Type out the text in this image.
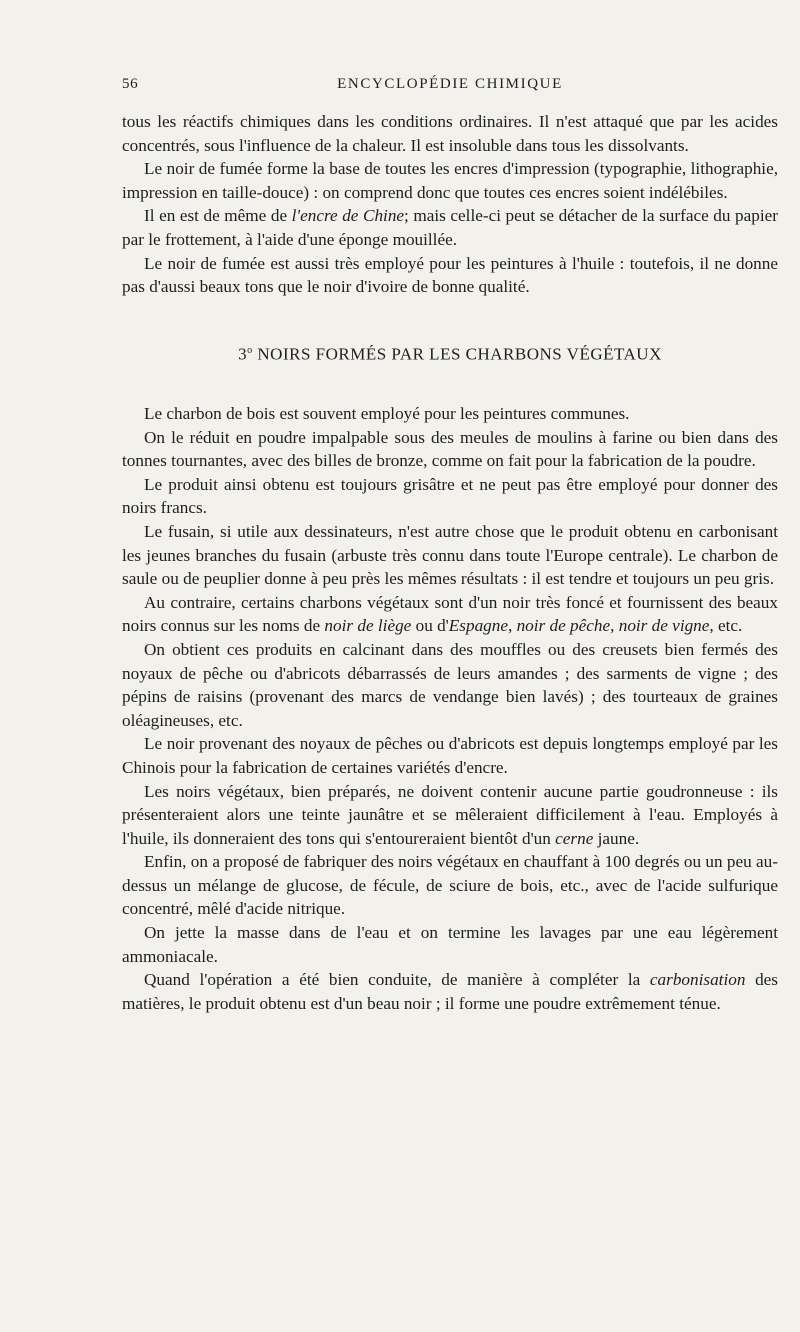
56	ENCYCLOPÉDIE CHIMIQUE

tous les réactifs chimiques dans les conditions ordinaires. Il n'est attaqué que par les acides concentrés, sous l'influence de la chaleur. Il est insoluble dans tous les dissolvants.

Le noir de fumée forme la base de toutes les encres d'impression (typographie, lithographie, impression en taille-douce) : on comprend donc que toutes ces encres soient indélébiles.

Il en est de même de l'encre de Chine; mais celle-ci peut se détacher de la surface du papier par le frottement, à l'aide d'une éponge mouillée.

Le noir de fumée est aussi très employé pour les peintures à l'huile : toutefois, il ne donne pas d'aussi beaux tons que le noir d'ivoire de bonne qualité.

3$^o$ NOIRS FORMÉS PAR LES CHARBONS VÉGÉTAUX

Le charbon de bois est souvent employé pour les peintures communes.

On le réduit en poudre impalpable sous des meules de moulins à farine ou bien dans des tonnes tournantes, avec des billes de bronze, comme on fait pour la fabrication de la poudre.

Le produit ainsi obtenu est toujours grisâtre et ne peut pas être employé pour donner des noirs francs.

Le fusain, si utile aux dessinateurs, n'est autre chose que le produit obtenu en carbonisant les jeunes branches du fusain (arbuste très connu dans toute l'Europe centrale). Le charbon de saule ou de peuplier donne à peu près les mêmes résultats : il est tendre et toujours un peu gris.

Au contraire, certains charbons végétaux sont d'un noir très foncé et fournissent des beaux noirs connus sur les noms de noir de liège ou d'Espagne, noir de pêche, noir de vigne, etc.

On obtient ces produits en calcinant dans des mouffles ou des creusets bien fermés des noyaux de pêche ou d'abricots débarrassés de leurs amandes ; des sarments de vigne ; des pépins de raisins (provenant des marcs de vendange bien lavés) ; des tourteaux de graines oléagineuses, etc.

Le noir provenant des noyaux de pêches ou d'abricots est depuis longtemps employé par les Chinois pour la fabrication de certaines variétés d'encre.

Les noirs végétaux, bien préparés, ne doivent contenir aucune partie goudronneuse : ils présenteraient alors une teinte jaunâtre et se mêleraient difficilement à l'eau. Employés à l'huile, ils donneraient des tons qui s'entoureraient bientôt d'un cerne jaune.

Enfin, on a proposé de fabriquer des noirs végétaux en chauffant à 100 degrés ou un peu au-dessus un mélange de glucose, de fécule, de sciure de bois, etc., avec de l'acide sulfurique concentré, mêlé d'acide nitrique.

On jette la masse dans de l'eau et on termine les lavages par une eau légèrement ammoniacale.

Quand l'opération a été bien conduite, de manière à compléter la carbonisation des matières, le produit obtenu est d'un beau noir ; il forme une poudre extrêmement ténue.
